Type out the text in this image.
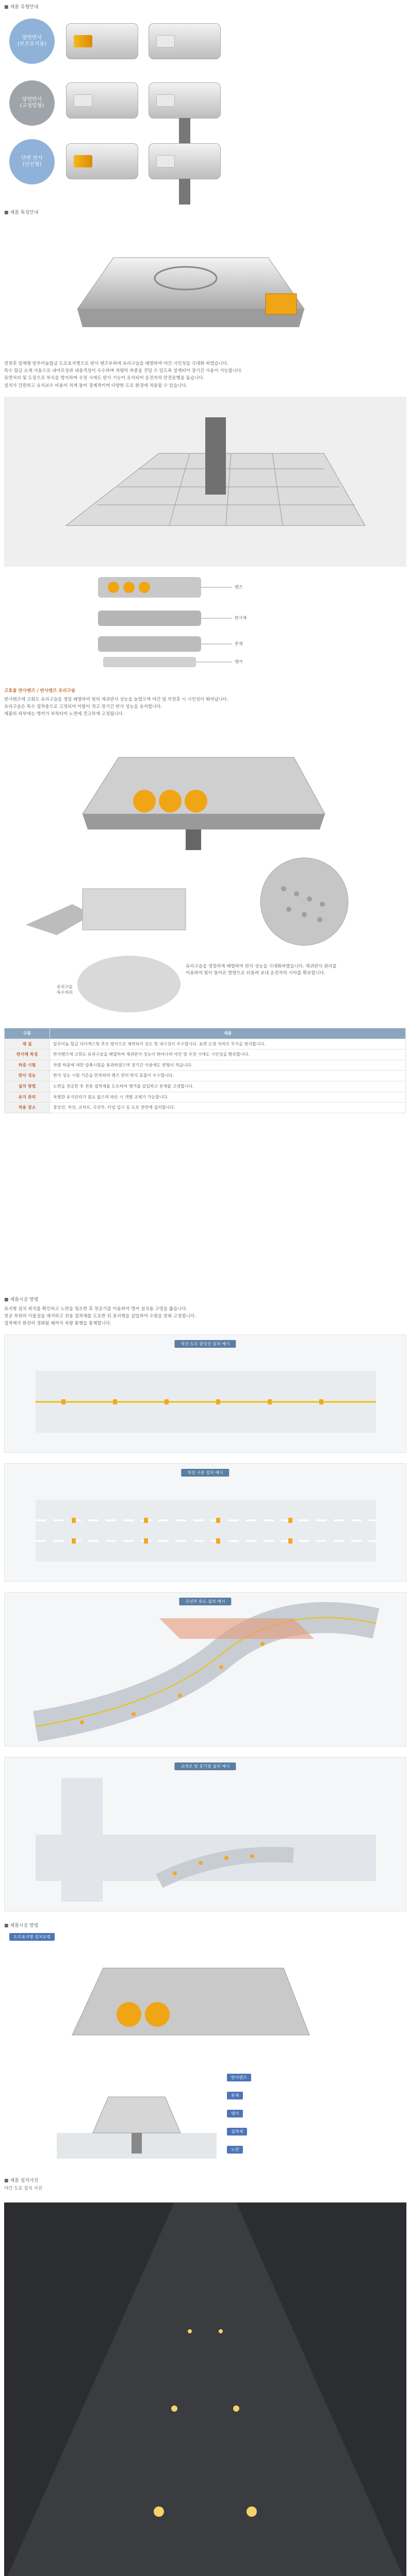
■ 제품 유형안내
양면반사
(보조표지용)
양면반사
(고정밀형)
단면 반사
(단선형)
■ 제품 특징안내

전천후 일체형 알루미늄합금 도로표지병으로 반사 렌즈부위에 유리구슬을 배열하여 야간 시인성을 극대화 하였습니다.

특수 합금 소재 사용으로 내마모성과 내충격성이 우수하며 차량의 하중을 견딜 수 있도록 설계되어 장기간 사용이 가능합니다.

표면처리 및 도장으로 부식을 방지하며 우천 시에도 반사 기능이 유지되어 운전자의 안전운행을 돕습니다.

설치가 간편하고 유지보수 비용이 적게 들어 경제적이며 다양한 도로 환경에 적용할 수 있습니다.

렌즈
반사체
본체
앵커
고효율 반사렌즈 / 반사렌즈 유리구슬

반사렌즈에 고휘도 유리구슬을 정밀 배열하여 빛의 재귀반사 성능을 높였으며 야간 및 악천후 시 시인성이 뛰어납니다.

유리구슬은 특수 접착층으로 고정되어 이탈이 적고 장기간 반사 성능을 유지합니다.

제품의 하부에는 앵커가 부착되어 노면에 견고하게 고정됩니다.

유리구슬을 정밀하게 배열하여 반사 성능을 극대화하였습니다. 재귀반사 원리를 이용하여 빛이 들어온 방향으로 되돌려 보내 운전자의 시야를 확보합니다.

유리구슬
특수처리
구분	내용
재 질	알루미늄 합금 다이캐스팅 주조 방식으로 제작되어 강도 및 내구성이 우수합니다. 표면 도장 처리로 부식을 방지합니다.
반사체 특징	반사렌즈에 고휘도 유리구슬을 배열하여 재귀반사 성능이 뛰어나며 야간 및 우천 시에도 시인성을 확보합니다.
하중 시험	차량 하중에 대한 압축시험을 통과하였으며 장기간 사용에도 변형이 적습니다.
반사 성능	반사 성능 시험 기준을 만족하며 렌즈 면의 반사 효율이 우수합니다.
설치 방법	노면을 천공한 후 전용 접착제를 도포하여 앵커를 삽입하고 본체를 고정합니다.
유지 관리	특별한 유지관리가 필요 없으며 파손 시 개별 교체가 가능합니다.
적용 장소	중앙선, 차선, 교차로, 곡선부, 터널 입구 등 도로 전반에 설치합니다.
■ 제품시공 방법

표지병 설치 위치를 확인하고 노면을 청소한 후 천공기를 이용하여 앵커 설치용 구멍을 뚫습니다.

천공 부위의 이물질을 제거하고 전용 접착제를 도포한 뒤 표지병을 삽입하여 수평을 맞춰 고정합니다.

접착제가 완전히 경화될 때까지 차량 통행을 통제합니다.

직선 도로 중앙선 설치 예시
차선 구분 설치 예시
곡선부 유도 설치 예시
교차로 및 분기점 설치 예시
■ 제품시공 방법
도로표지병 설치요령
반사렌즈
본체
앵커
접착제
노면
■ 제품 설치사진
야간 도로 설치 사진
